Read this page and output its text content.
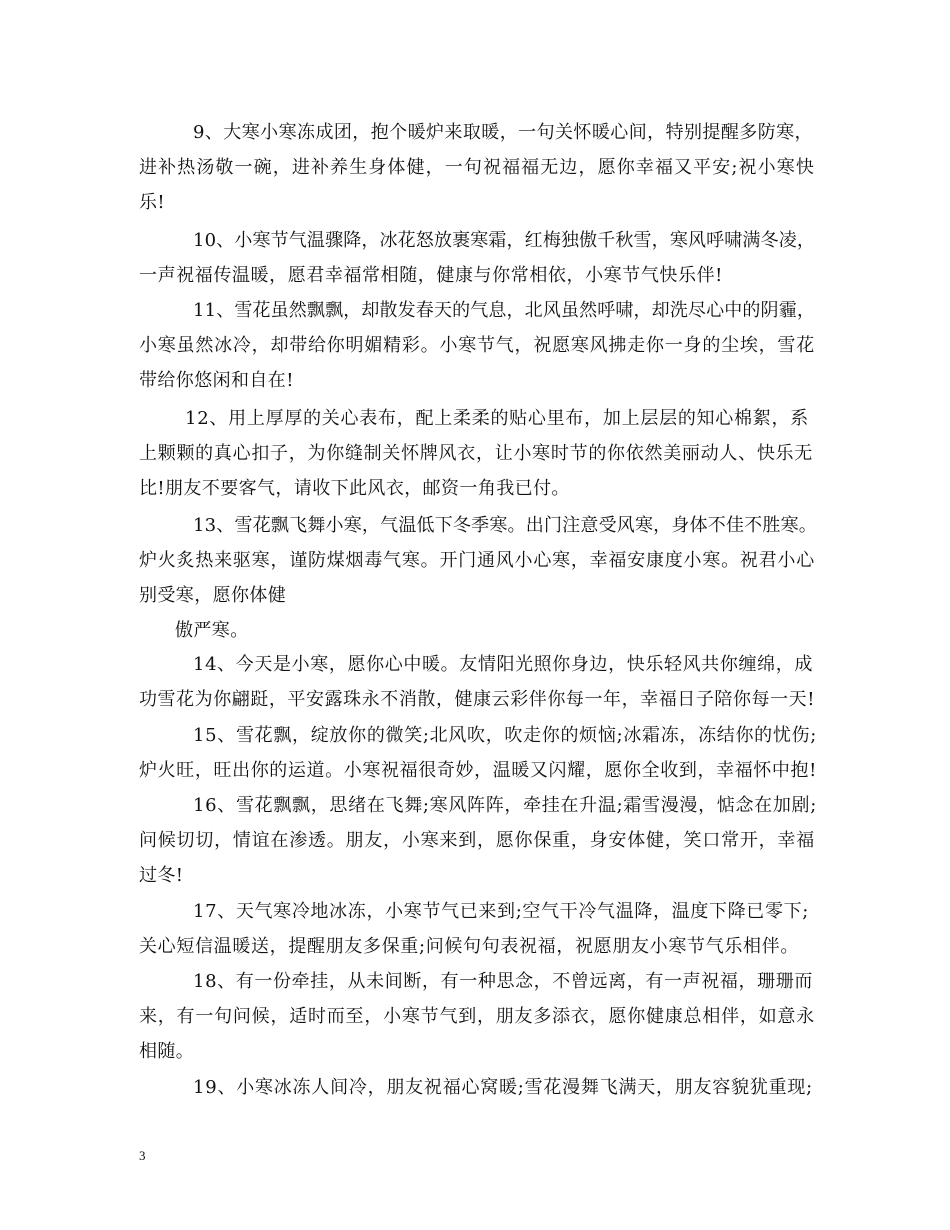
9、大寒小寒冻成团，抱个暖炉来取暖，一句关怀暖心间，特别提醒多防寒，
进补热汤敬一碗，进补养生身体健，一句祝福福无边，愿你幸福又平安;祝小寒快
乐!
10、小寒节气温骤降，冰花怒放裹寒霜，红梅独傲千秋雪，寒风呼啸满冬凌，
一声祝福传温暖，愿君幸福常相随，健康与你常相依，小寒节气快乐伴!
11、雪花虽然飘飘，却散发春天的气息，北风虽然呼啸，却洗尽心中的阴霾，
小寒虽然冰冷，却带给你明媚精彩。小寒节气，祝愿寒风拂走你一身的尘埃，雪花
带给你悠闲和自在!
12、用上厚厚的关心表布，配上柔柔的贴心里布，加上层层的知心棉絮，系
上颗颗的真心扣子，为你缝制关怀牌风衣，让小寒时节的你依然美丽动人、快乐无
比!朋友不要客气，请收下此风衣，邮资一角我已付。
13、雪花飘飞舞小寒，气温低下冬季寒。出门注意受风寒，身体不佳不胜寒。
炉火炙热来驱寒，谨防煤烟毒气寒。开门通风小心寒，幸福安康度小寒。祝君小心
别受寒，愿你体健
傲严寒。
14、今天是小寒，愿你心中暖。友情阳光照你身边，快乐轻风共你缠绵，成
功雪花为你翩跹，平安露珠永不消散，健康云彩伴你每一年，幸福日子陪你每一天!
15、雪花飘，绽放你的微笑;北风吹，吹走你的烦恼;冰霜冻，冻结你的忧伤;
炉火旺，旺出你的运道。小寒祝福很奇妙，温暖又闪耀，愿你全收到，幸福怀中抱!
16、雪花飘飘，思绪在飞舞;寒风阵阵，牵挂在升温;霜雪漫漫，惦念在加剧;
问候切切，情谊在渗透。朋友，小寒来到，愿你保重，身安体健，笑口常开，幸福
过冬!
17、天气寒冷地冰冻，小寒节气已来到;空气干冷气温降，温度下降已零下;
关心短信温暖送，提醒朋友多保重;问候句句表祝福，祝愿朋友小寒节气乐相伴。
18、有一份牵挂，从未间断，有一种思念，不曾远离，有一声祝福，珊珊而
来，有一句问候，适时而至，小寒节气到，朋友多添衣，愿你健康总相伴，如意永
相随。
19、小寒冰冻人间冷，朋友祝福心窝暖;雪花漫舞飞满天，朋友容貌犹重现;
3
